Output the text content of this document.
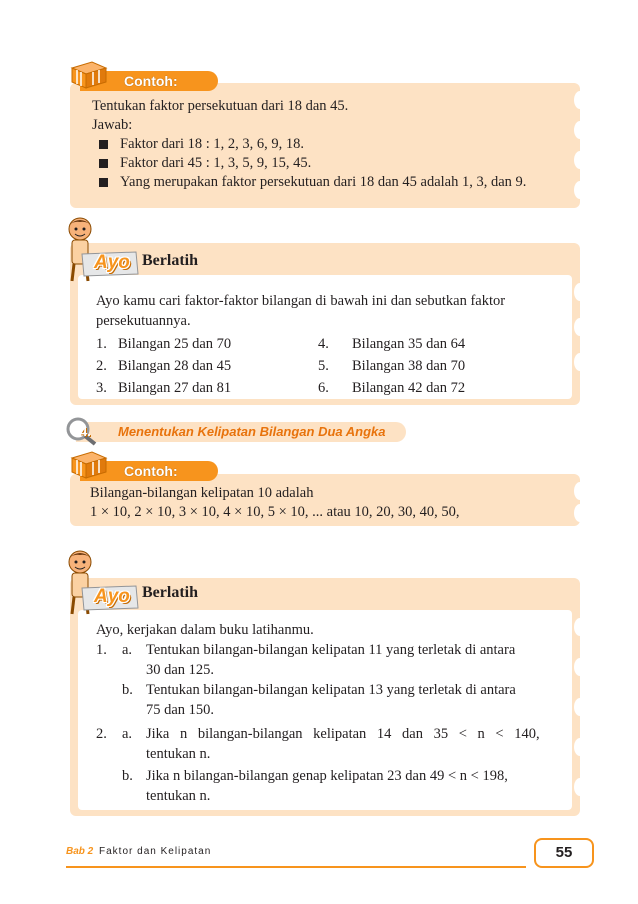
Tentukan faktor persekutuan dari 18 dan 45.
Jawab:
Faktor dari 18 : 1, 2, 3, 6, 9, 18.
Faktor dari 45 : 1, 3, 5, 9, 15, 45.
Yang merupakan faktor persekutuan dari 18 dan 45 adalah 1, 3, dan 9.
Contoh:
Ayo kamu cari faktor-faktor bilangan di bawah ini dan sebutkan faktor persekutuannya.
1. Bilangan 25 dan 70
2. Bilangan 28 dan 45
3. Bilangan 27 dan 81
4. Bilangan 35 dan 64
5. Bilangan 38 dan 70
6. Bilangan 42 dan 72
Ayo Berlatih
4. Menentukan Kelipatan Bilangan Dua Angka
Bilangan-bilangan kelipatan 10 adalah
1 × 10, 2 × 10, 3 × 10, 4 × 10, 5 × 10, ... atau 10, 20, 30, 40, 50,
Contoh:
Ayo, kerjakan dalam buku latihanmu.
1. a. Tentukan bilangan-bilangan kelipatan 11 yang terletak di antara
30 dan 125.
b. Tentukan bilangan-bilangan kelipatan 13 yang terletak di antara
75 dan 150.
2. a. Jika n bilangan-bilangan kelipatan 14 dan 35 < n < 140,
tentukan n.
b. Jika n bilangan-bilangan genap kelipatan 23 dan 49 < n < 198,
tentukan n.
Ayo Berlatih
Bab 2 Faktor dan Kelipatan	55
